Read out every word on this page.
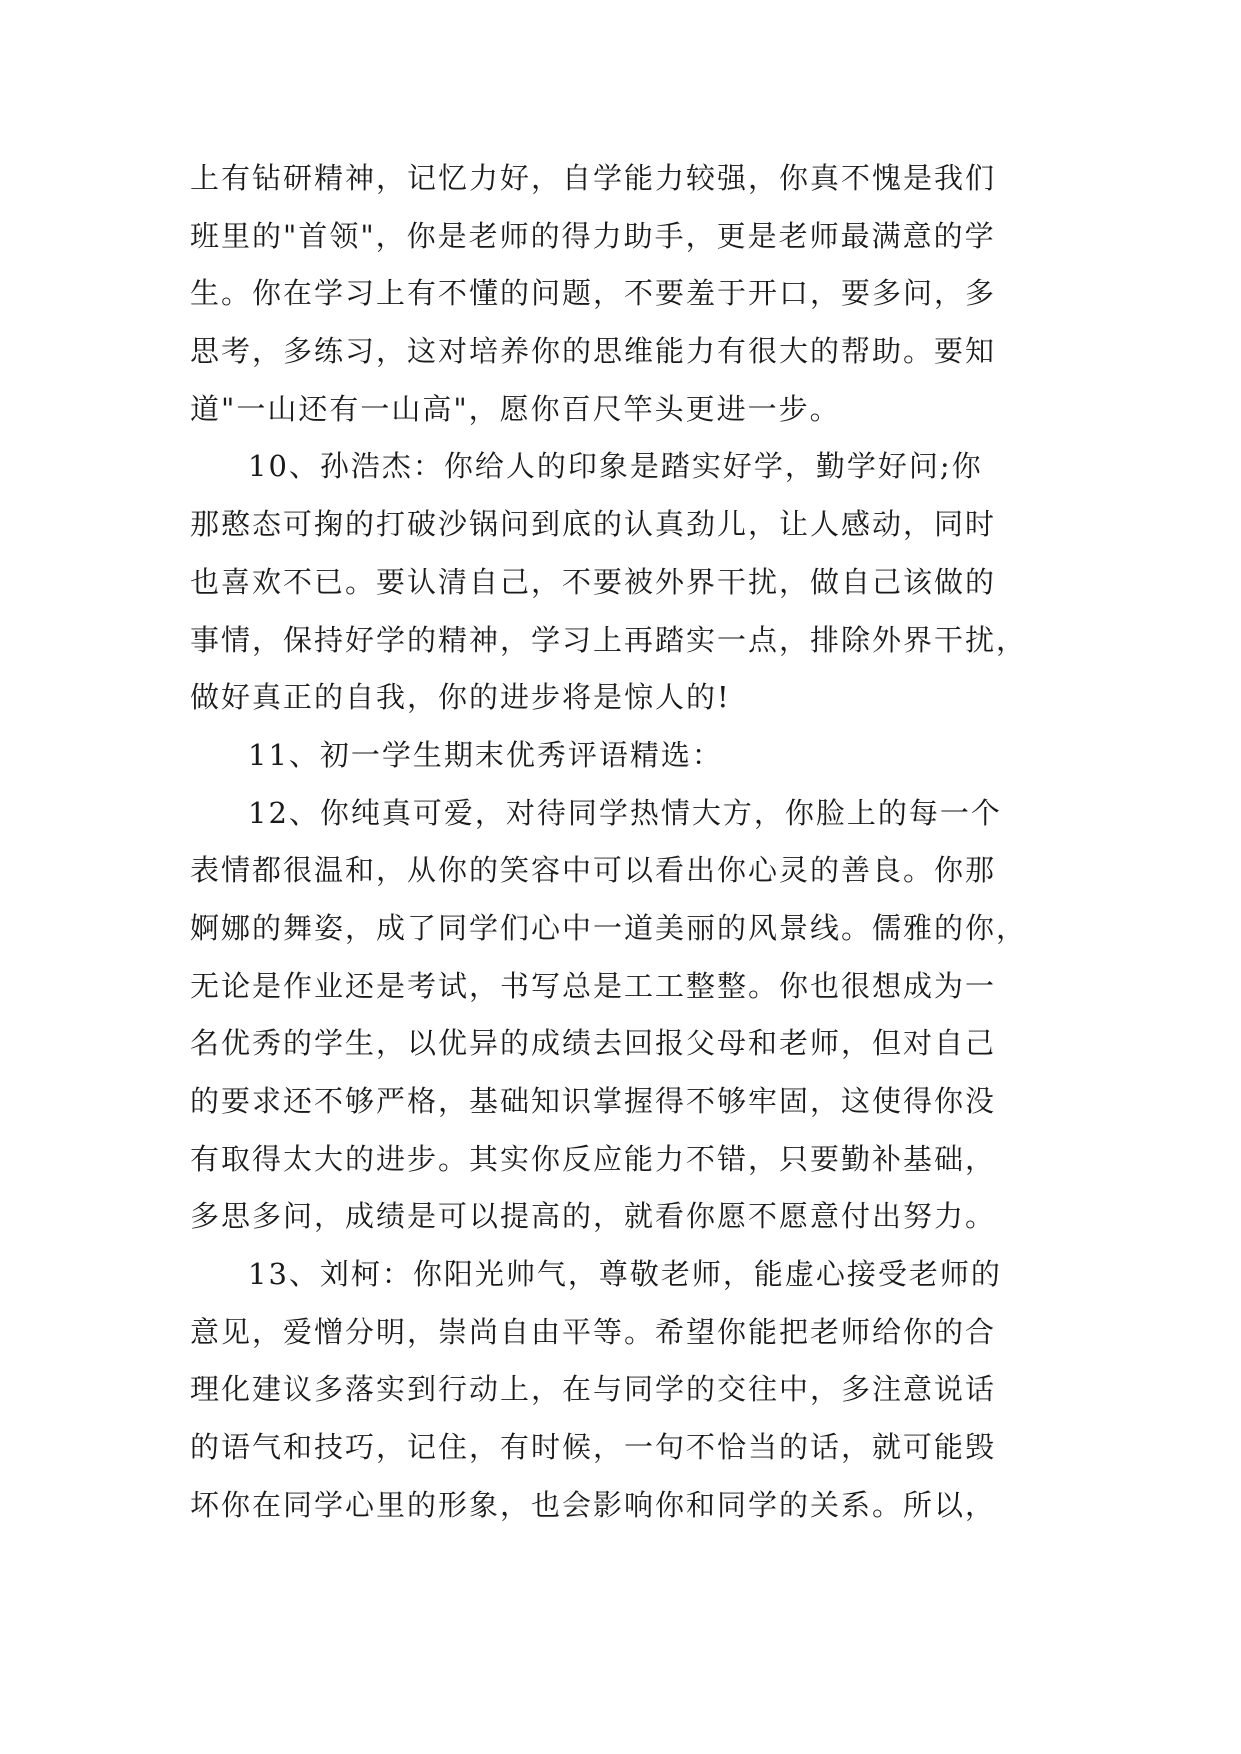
上有钻研精神，记忆力好，自学能力较强，你真不愧是我们
班里的"首领"，你是老师的得力助手，更是老师最满意的学
生。你在学习上有不懂的问题，不要羞于开口，要多问，多
思考，多练习，这对培养你的思维能力有很大的帮助。要知
道"一山还有一山高"，愿你百尺竿头更进一步。
10、孙浩杰：你给人的印象是踏实好学，勤学好问;你
那憨态可掬的打破沙锅问到底的认真劲儿，让人感动，同时
也喜欢不已。要认清自己，不要被外界干扰，做自己该做的
事情，保持好学的精神，学习上再踏实一点，排除外界干扰，
做好真正的自我，你的进步将是惊人的!
11、初一学生期末优秀评语精选：
12、你纯真可爱，对待同学热情大方，你脸上的每一个
表情都很温和，从你的笑容中可以看出你心灵的善良。你那
婀娜的舞姿，成了同学们心中一道美丽的风景线。儒雅的你，
无论是作业还是考试，书写总是工工整整。你也很想成为一
名优秀的学生，以优异的成绩去回报父母和老师，但对自己
的要求还不够严格，基础知识掌握得不够牢固，这使得你没
有取得太大的进步。其实你反应能力不错，只要勤补基础，
多思多问，成绩是可以提高的，就看你愿不愿意付出努力。
13、刘柯：你阳光帅气，尊敬老师，能虚心接受老师的
意见，爱憎分明，崇尚自由平等。希望你能把老师给你的合
理化建议多落实到行动上，在与同学的交往中，多注意说话
的语气和技巧，记住，有时候，一句不恰当的话，就可能毁
坏你在同学心里的形象，也会影响你和同学的关系。所以，
